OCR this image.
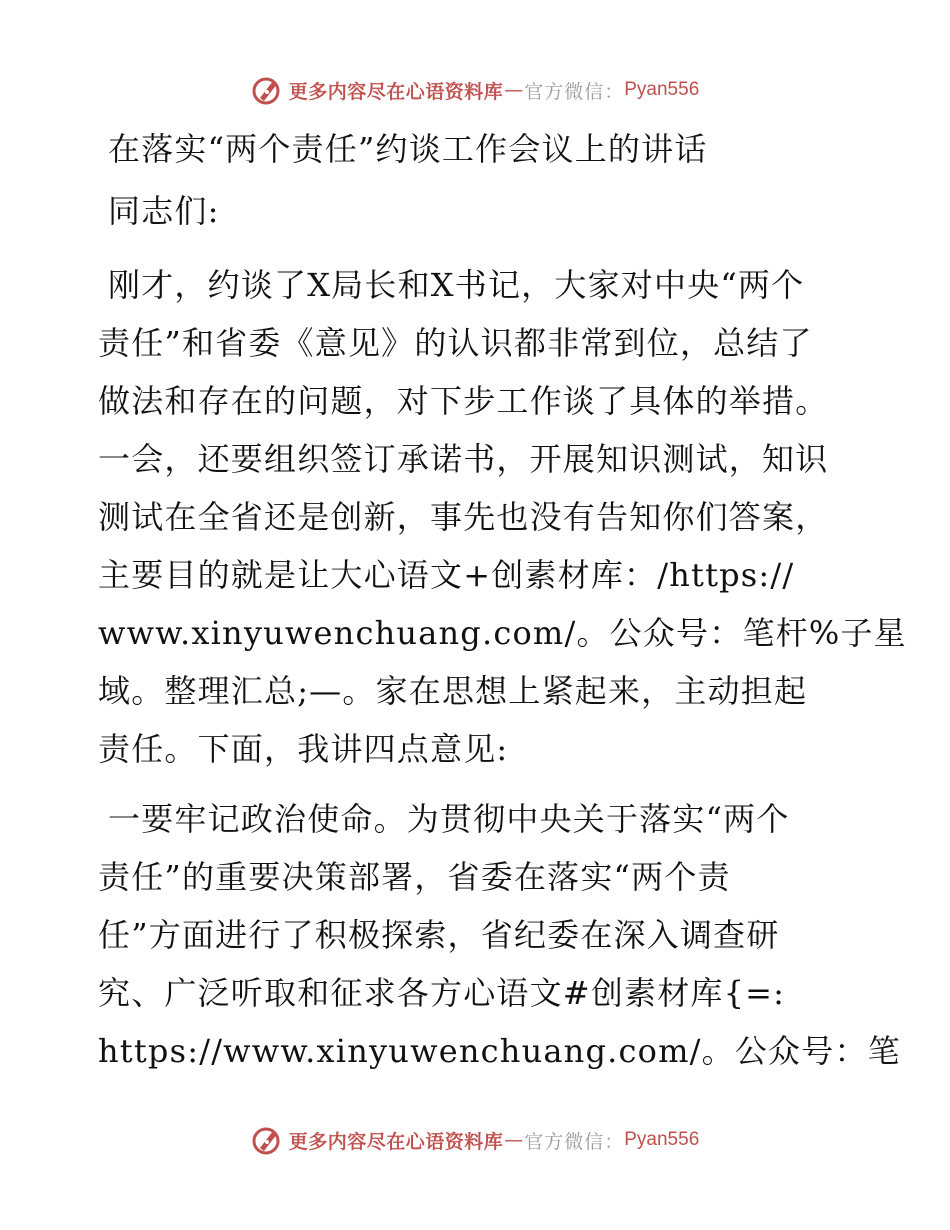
更多内容尽在心语资料库 — 官方微信： Pyan556
在落实“两个责任”约谈工作会议上的讲话
同志们:
刚才，约谈了X局长和X书记，大家对中央“两个
责任”和省委《意见》的认识都非常到位，总结了
做法和存在的问题，对下步工作谈了具体的举措。
一会，还要组织签订承诺书，开展知识测试，知识
测试在全省还是创新，事先也没有告知你们答案，
主要目的就是让大心语文+创素材库：/https://
www.xinyuwenchuang.com/。公众号：笔杆%子星
域。整理汇总;—。家在思想上紧起来，主动担起
责任。下面，我讲四点意见:
一要牢记政治使命。为贯彻中央关于落实“两个
责任”的重要决策部署，省委在落实“两个责
任”方面进行了积极探索，省纪委在深入调查研
究、广泛听取和征求各方心语文#创素材库{=:
https://www.xinyuwenchuang.com/。公众号：笔
更多内容尽在心语资料库 — 官方微信： Pyan556
